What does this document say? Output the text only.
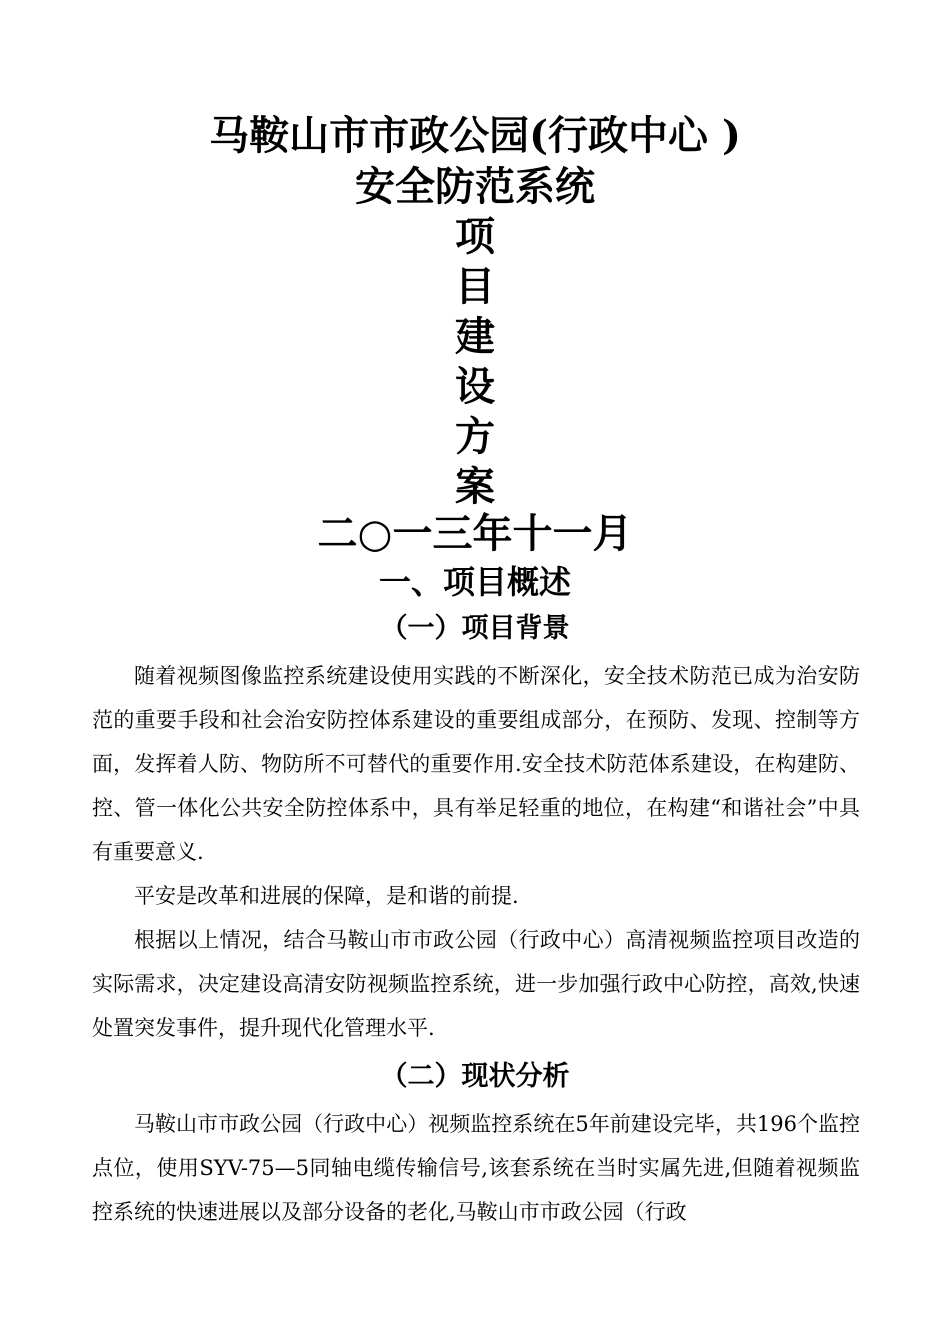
马鞍山市市政公园(行政中心 )
安全防范系统
项
目
建
设
方
案
二○一三年十一月
一、项目概述
（一）项目背景

随着视频图像监控系统建设使用实践的不断深化，安全技术防范已成为治安防范的重要手段和社会治安防控体系建设的重要组成部分，在预防、发现、控制等方面，发挥着人防、物防所不可替代的重要作用.安全技术防范体系建设，在构建防、控、管一体化公共安全防控体系中，具有举足轻重的地位，在构建“和谐社会”中具有重要意义.

平安是改革和进展的保障，是和谐的前提.

根据以上情况，结合马鞍山市市政公园（行政中心）高清视频监控项目改造的实际需求，决定建设高清安防视频监控系统，进一步加强行政中心防控，高效,快速处置突发事件，提升现代化管理水平.

（二）现状分析

马鞍山市市政公园（行政中心）视频监控系统在5年前建设完毕，共196个监控点位，使用SYV-75—5同轴电缆传输信号,该套系统在当时实属先进,但随着视频监控系统的快速进展以及部分设备的老化,马鞍山市市政公园（行政
